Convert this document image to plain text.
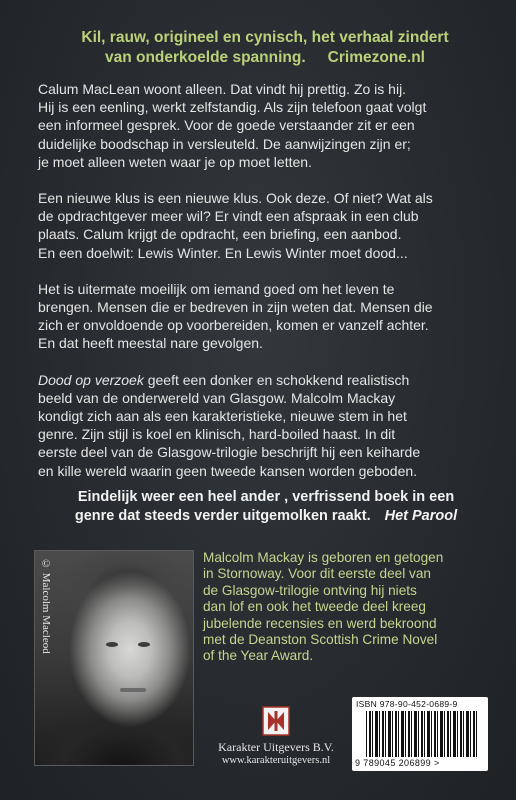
Kil, rauw, origineel en cynisch, het verhaal zindert
van onderkoelde spanning. Crimezone.nl

Calum MacLean woont alleen. Dat vindt hij prettig. Zo is hij.
Hij is een eenling, werkt zelfstandig. Als zijn telefoon gaat volgt
een informeel gesprek. Voor de goede verstaander zit er een
duidelijke boodschap in versleuteld. De aanwijzingen zijn er;
je moet alleen weten waar je op moet letten.

Een nieuwe klus is een nieuwe klus. Ook deze. Of niet? Wat als
de opdrachtgever meer wil? Er vindt een afspraak in een club
plaats. Calum krijgt de opdracht, een briefing, een aanbod.
En een doelwit: Lewis Winter. En Lewis Winter moet dood...

Het is uitermate moeilijk om iemand goed om het leven te
brengen. Mensen die er bedreven in zijn weten dat. Mensen die
zich er onvoldoende op voorbereiden, komen er vanzelf achter.
En dat heeft meestal nare gevolgen.

Dood op verzoek geeft een donker en schokkend realistisch
beeld van de onderwereld van Glasgow. Malcolm Mackay
kondigt zich aan als een karakteristieke, nieuwe stem in het
genre. Zijn stijl is koel en klinisch, hard-boiled haast. In dit
eerste deel van de Glasgow-trilogie beschrijft hij een keiharde
en kille wereld waarin geen tweede kansen worden geboden.

Eindelijk weer een heel ander , verfrissend boek in een
genre dat steeds verder uitgemolken raakt. Het Parool
© Malcolm Macleod
Malcolm Mackay is geboren en getogen
in Stornoway. Voor dit eerste deel van
de Glasgow-trilogie ontving hij niets
dan lof en ook het tweede deel kreeg
jubelende recensies en werd bekroond
met de Deanston Scottish Crime Novel
of the Year Award.
Karakter Uitgevers B.V.
www.karakteruitgevers.nl
ISBN 978-90-452-0689-9
9 789045 206899 >
